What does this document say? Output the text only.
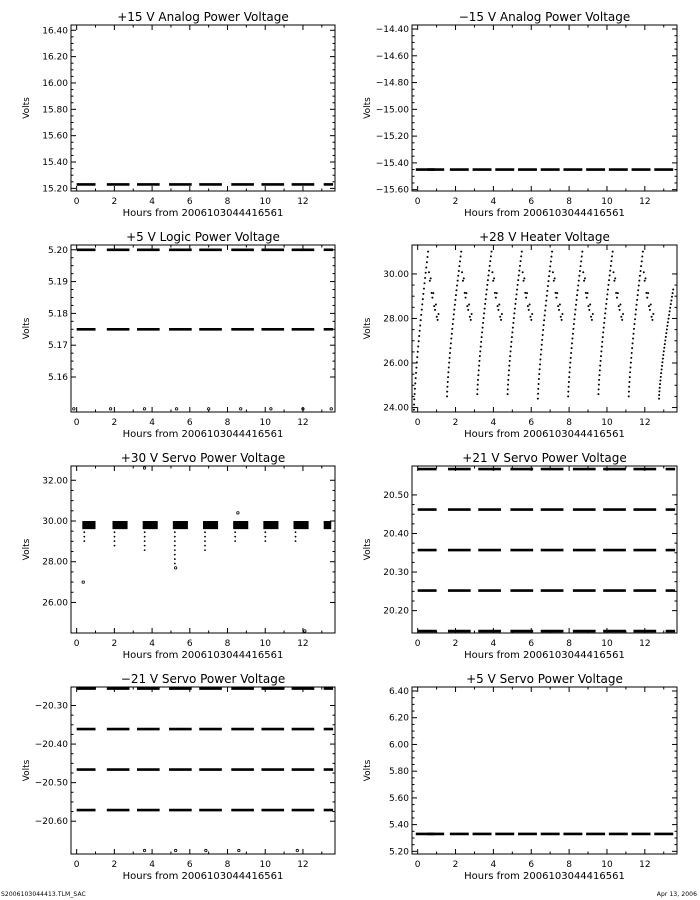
+15 V Analog Power Voltage
0	2	4	6	8	10	12
15.20
15.40
15.60
15.80
16.00
16.20
16.40
Hours from 2006103044416561
Volts
−15 V Analog Power Voltage
0	2	4	6	8	10	12
−15.60
−15.40
−15.20
−15.00
−14.80
−14.60
−14.40
Hours from 2006103044416561
Volts
+5 V Logic Power Voltage
0	2	4	6	8	10	12
5.16
5.17
5.18
5.19
5.20
Hours from 2006103044416561
Volts
+28 V Heater Voltage
0	2	4	6	8	10	12
24.00
26.00
28.00
30.00
Hours from 2006103044416561
Volts
+30 V Servo Power Voltage
0	2	4	6	8	10	12
26.00
28.00
30.00
32.00
Hours from 2006103044416561
Volts
+21 V Servo Power Voltage
0	2	4	6	8	10	12
20.20
20.30
20.40
20.50
Hours from 2006103044416561
Volts
−21 V Servo Power Voltage
0	2	4	6	8	10	12
−20.60
−20.50
−20.40
−20.30
Hours from 2006103044416561
Volts
+5 V Servo Power Voltage
0	2	4	6	8	10	12
5.20
5.40
5.60
5.80
6.00
6.20
6.40
Hours from 2006103044416561
Volts
S2006103044413.TLM_SAC	Apr 13, 2006
